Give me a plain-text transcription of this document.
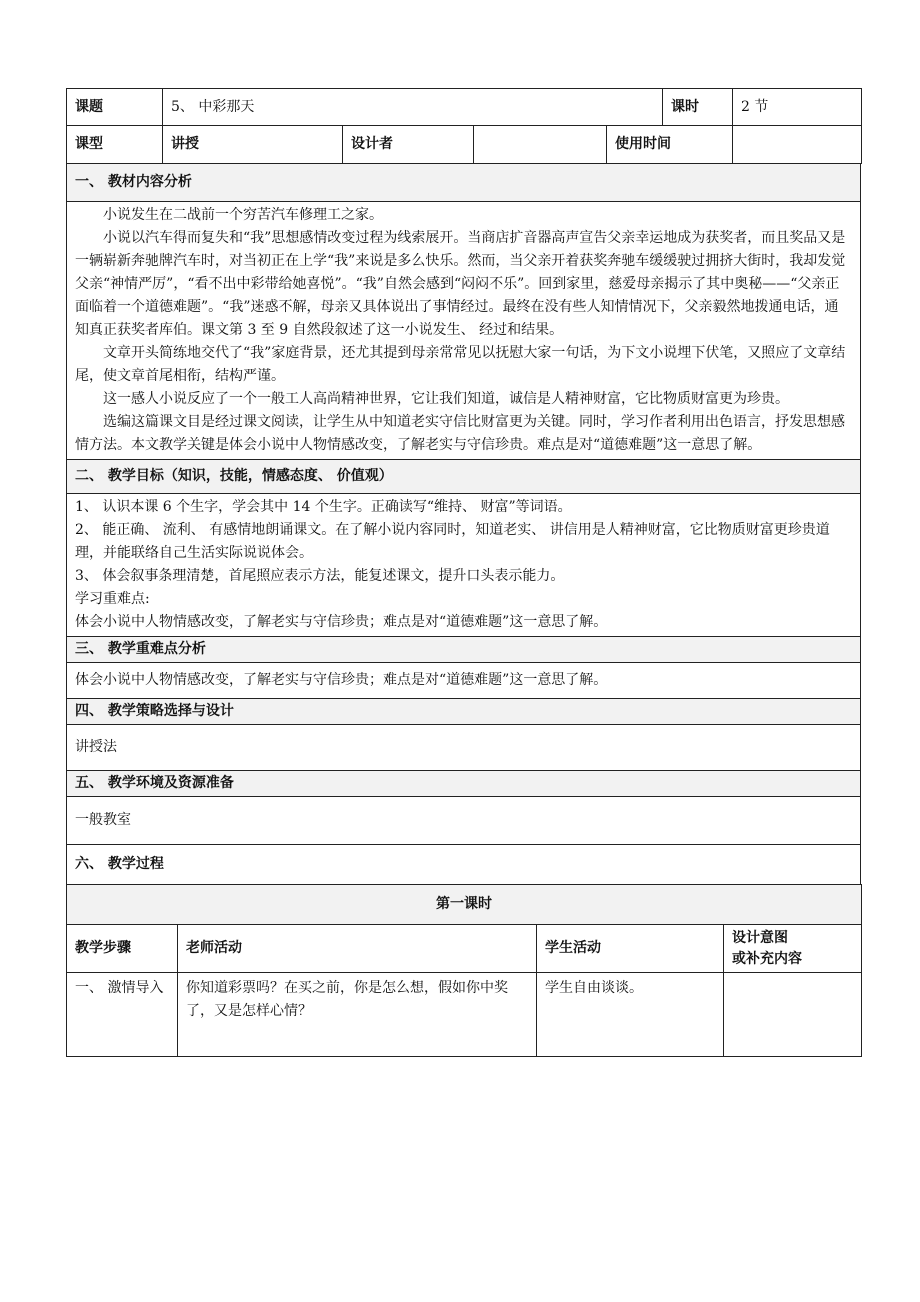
课题	5、 中彩那天				课时	2 节
课型	讲授	设计者		使用时间		
一、 教材内容分析

小说发生在二战前一个穷苦汽车修理工之家。

小说以汽车得而复失和“我”思想感情改变过程为线索展开。当商店扩音器高声宣告父亲幸运地成为获奖者，而且奖品又是一辆崭新奔驰牌汽车时，对当初正在上学“我”来说是多么快乐。然而，当父亲开着获奖奔驰车缓缓驶过拥挤大街时，我却发觉父亲“神情严厉”，“看不出中彩带给她喜悦”。“我”自然会感到“闷闷不乐”。回到家里，慈爱母亲揭示了其中奥秘——“父亲正面临着一个道德难题”。“我”迷惑不解，母亲又具体说出了事情经过。最终在没有些人知情情况下，父亲毅然地拨通电话，通知真正获奖者库伯。课文第 3 至 9 自然段叙述了这一小说发生、 经过和结果。

文章开头简练地交代了“我”家庭背景，还尤其提到母亲常常见以抚慰大家一句话，为下文小说埋下伏笔，又照应了文章结尾，使文章首尾相衔，结构严谨。

这一感人小说反应了一个一般工人高尚精神世界，它让我们知道，诚信是人精神财富，它比物质财富更为珍贵。

选编这篇课文目是经过课文阅读，让学生从中知道老实守信比财富更为关键。同时，学习作者利用出色语言，抒发思想感情方法。本文教学关键是体会小说中人物情感改变，了解老实与守信珍贵。难点是对“道德难题”这一意思了解。

二、 教学目标（知识，技能，情感态度、 价值观）

1、 认识本课 6 个生字，学会其中 14 个生字。正确读写“维持、 财富”等词语。

2、 能正确、 流利、 有感情地朗诵课文。在了解小说内容同时，知道老实、 讲信用是人精神财富，它比物质财富更珍贵道理，并能联络自己生活实际说说体会。

3、 体会叙事条理清楚，首尾照应表示方法，能复述课文，提升口头表示能力。

学习重难点:

体会小说中人物情感改变，了解老实与守信珍贵；难点是对“道德难题”这一意思了解。

三、 教学重难点分析
体会小说中人物情感改变，了解老实与守信珍贵；难点是对“道德难题”这一意思了解。
四、 教学策略选择与设计
讲授法
五、 教学环境及资源准备
一般教室
六、 教学过程
第一课时			
教学步骤	老师活动	学生活动	设计意图
或补充内容

一、 激情导入	你知道彩票吗？在买之前，你是怎么想，假如你中奖了，又是怎样心情？	学生自由谈谈。	
